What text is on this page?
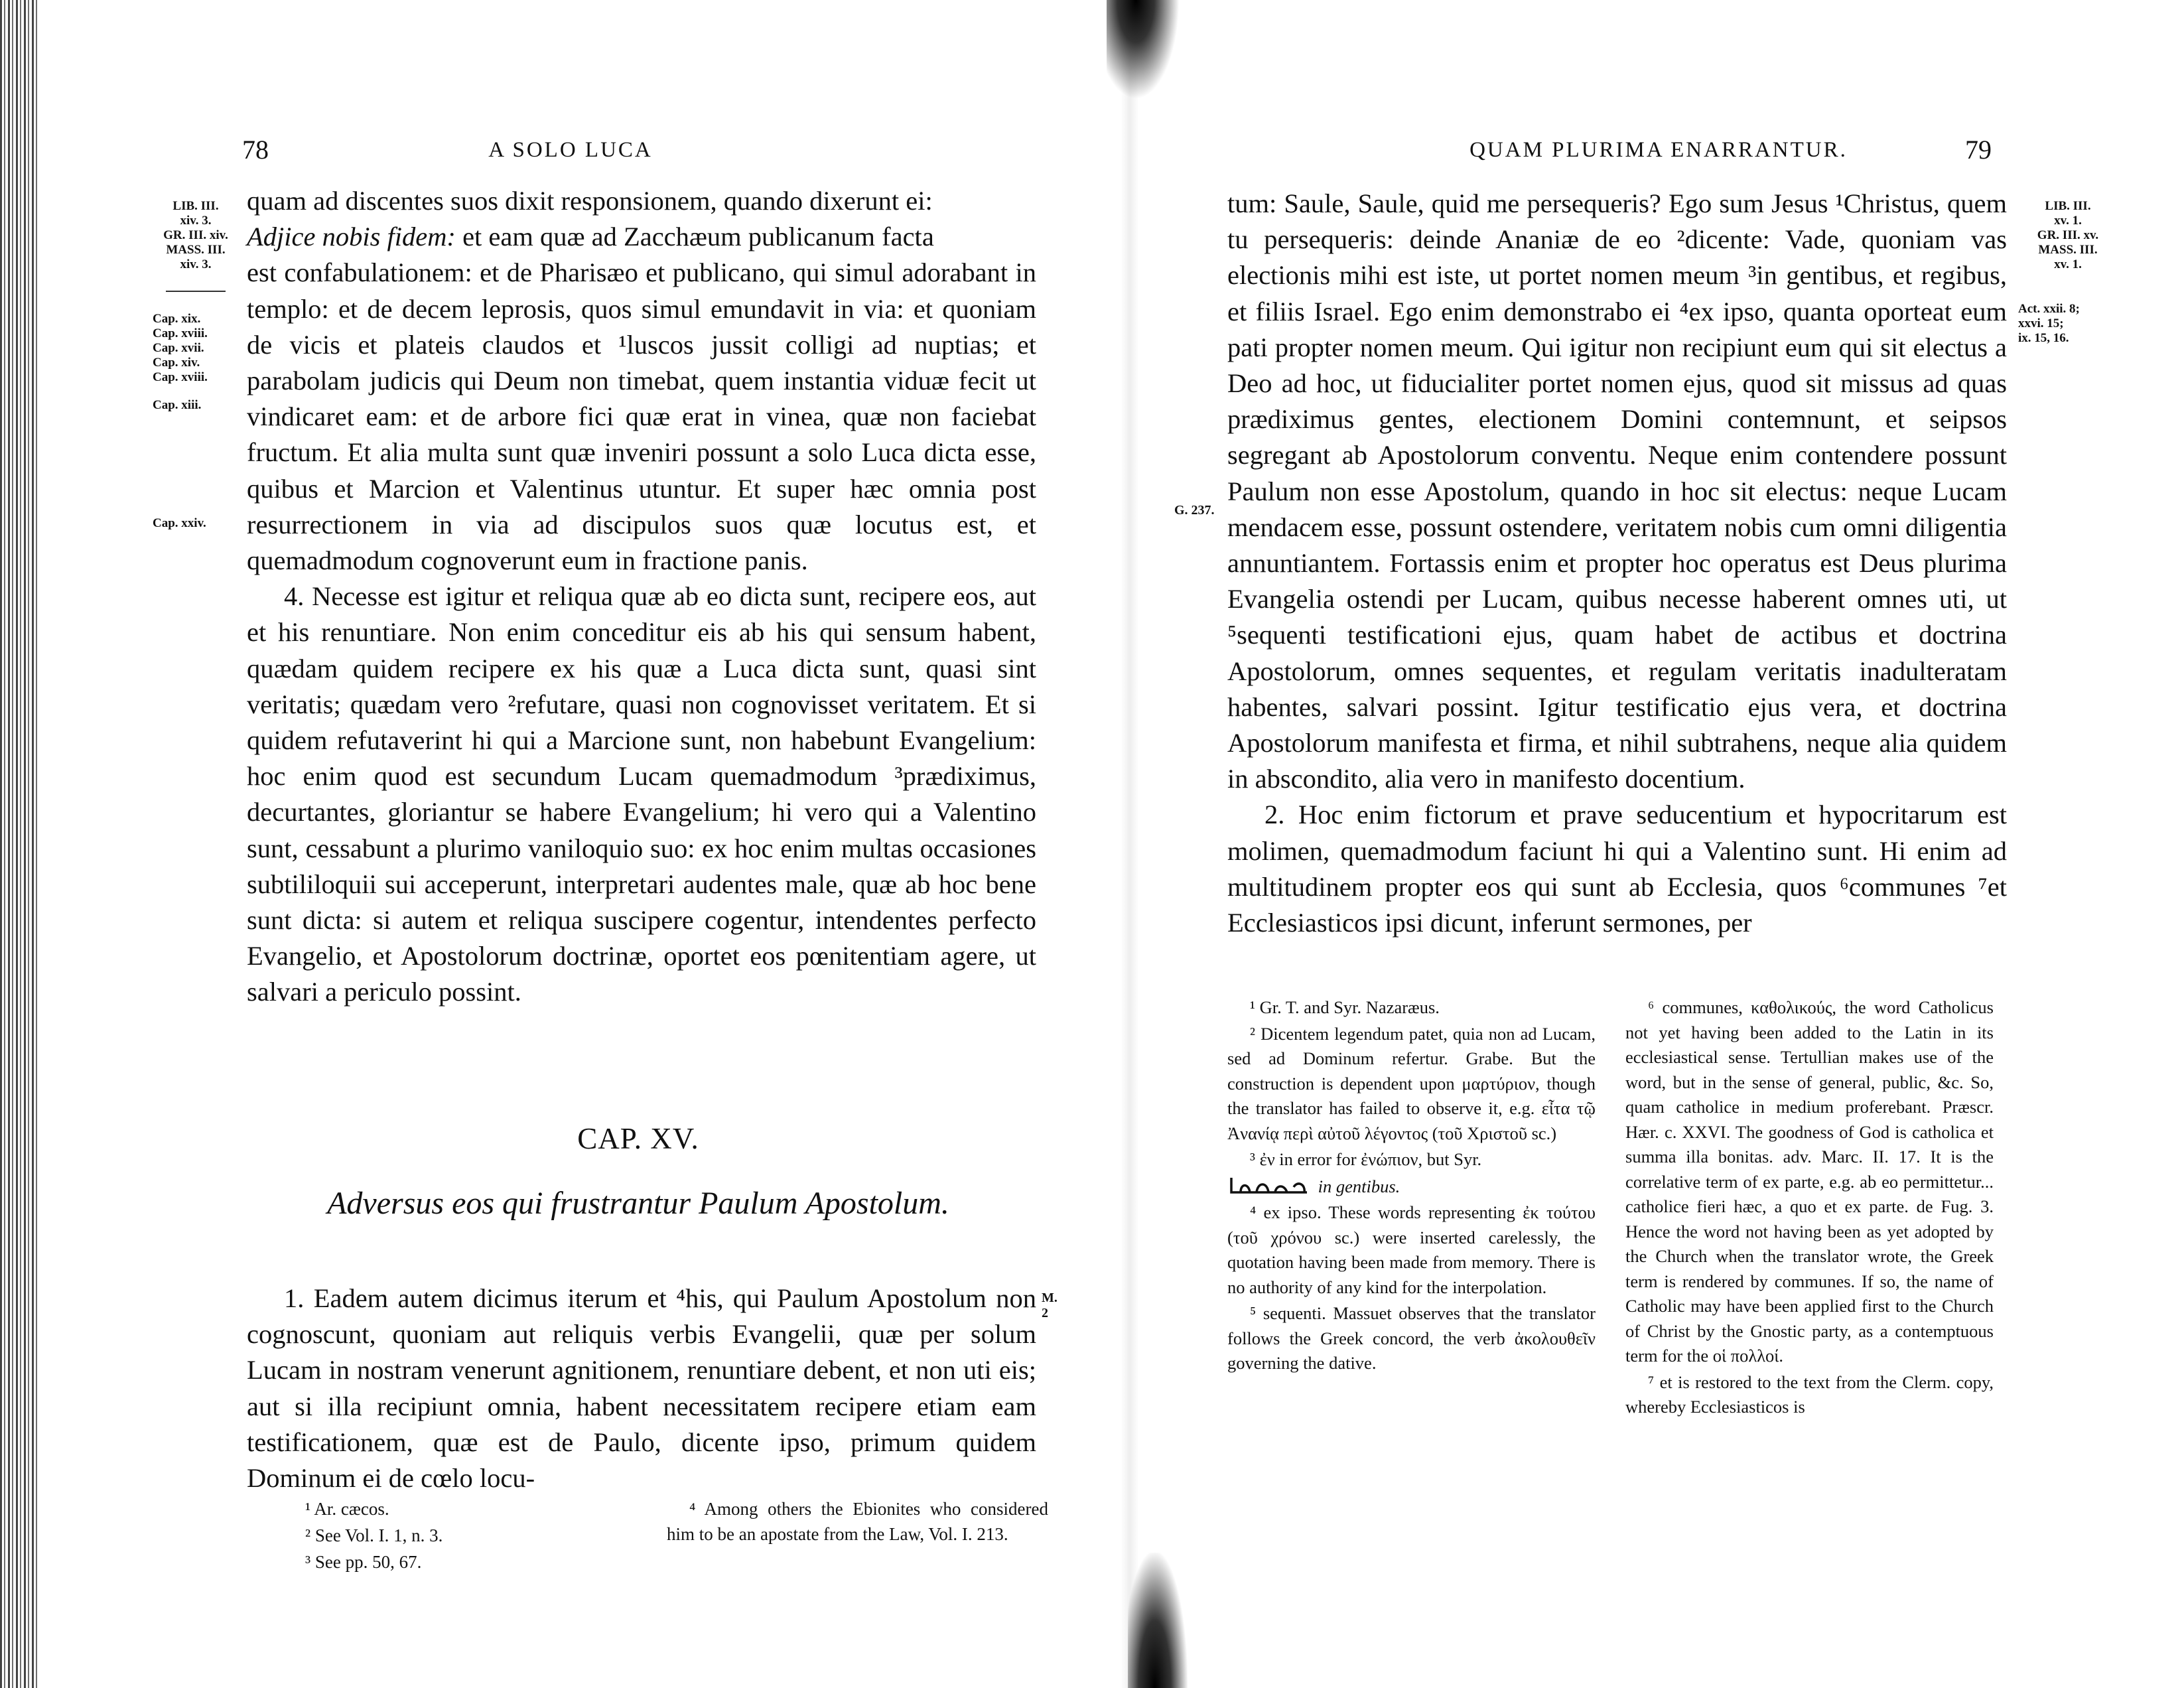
78	A SOLO LUCA
LIB. III.
xiv. 3.
GR. III. xiv.
MASS. III.
xiv. 3.
Cap. xix.
Cap. xviii.
Cap. xvii.
Cap. xiv.
Cap. xviii.
Cap. xiii.
Cap. xxiv.

quam ad discentes suos dixit responsionem, quando dixerunt ei:

Adjice nobis fidem: et eam quæ ad Zacchæum publicanum facta

est confabulationem: et de Pharisæo et publicano, qui simul adorabant in templo: et de decem leprosis, quos simul emundavit in via: et quoniam de vicis et plateis claudos et ¹luscos jussit colligi ad nuptias; et parabolam judicis qui Deum non timebat, quem instantia viduæ fecit ut vindicaret eam: et de arbore fici quæ erat in vinea, quæ non faciebat fructum. Et alia multa sunt quæ inveniri possunt a solo Luca dicta esse, quibus et Marcion et Valentinus utuntur. Et super hæc omnia post resurrectionem in via ad discipulos suos quæ locutus est, et quemadmodum cognoverunt eum in fractione panis.

4. Necesse est igitur et reliqua quæ ab eo dicta sunt, recipere eos, aut et his renuntiare. Non enim conceditur eis ab his qui sensum habent, quædam quidem recipere ex his quæ a Luca dicta sunt, quasi sint veritatis; quædam vero ²refutare, quasi non cognovisset veritatem. Et si quidem refutaverint hi qui a Marcione sunt, non habebunt Evangelium: hoc enim quod est secundum Lucam quemadmodum ³prædiximus, decurtantes, gloriantur se habere Evangelium; hi vero qui a Valentino sunt, cessabunt a plurimo vaniloquio suo: ex hoc enim multas occasiones subtililoquii sui acceperunt, interpretari audentes male, quæ ab hoc bene sunt dicta: si autem et reliqua suscipere cogentur, intendentes perfecto Evangelio, et Apostolorum doctrinæ, oportet eos pœnitentiam agere, ut salvari a periculo possint.

CAP. XV.
Adversus eos qui frustrantur Paulum Apostolum.
M. 2

1. Eadem autem dicimus iterum et ⁴his, qui Paulum Apostolum non cognoscunt, quoniam aut reliquis verbis Evangelii, quæ per solum Lucam in nostram venerunt agnitionem, renuntiare debent, et non uti eis; aut si illa recipiunt omnia, habent necessitatem recipere etiam eam testificationem, quæ est de Paulo, dicente ipso, primum quidem Dominum ei de cœlo locu-

¹ Ar. cæcos.

² See Vol. I. 1, n. 3.

³ See pp. 50, 67.

⁴ Among others the Ebionites who considered him to be an apostate from the Law, Vol. I. 213.

QUAM PLURIMA ENARRANTUR.	79
LIB. III.
xv. 1.
GR. III. xv.
MASS. III.
xv. 1.
Act. xxii. 8;
xxvi. 15;
ix. 15, 16.
G. 237.

tum: Saule, Saule, quid me persequeris? Ego sum Jesus ¹Christus, quem tu persequeris: deinde Ananiæ de eo ²dicente: Vade, quoniam vas electionis mihi est iste, ut portet nomen meum ³in gentibus, et regibus, et filiis Israel. Ego enim demonstrabo ei ⁴ex ipso, quanta oporteat eum pati propter nomen meum. Qui igitur non recipiunt eum qui sit electus a Deo ad hoc, ut fiducialiter portet nomen ejus, quod sit missus ad quas prædiximus gentes, electionem Domini contemnunt, et seipsos segregant ab Apostolorum conventu. Neque enim contendere possunt Paulum non esse Apostolum, quando in hoc sit electus: neque Lucam mendacem esse, possunt ostendere, veritatem nobis cum omni diligentia annuntiantem. Fortassis enim et propter hoc operatus est Deus plurima Evangelia ostendi per Lucam, quibus necesse haberent omnes uti, ut ⁵sequenti testificationi ejus, quam habet de actibus et doctrina Apostolorum, omnes sequentes, et regulam veritatis inadulteratam habentes, salvari possint. Igitur testificatio ejus vera, et doctrina Apostolorum manifesta et firma, et nihil subtrahens, neque alia quidem in abscondito, alia vero in manifesto docentium.

2. Hoc enim fictorum et prave seducentium et hypocritarum est molimen, quemadmodum faciunt hi qui a Valentino sunt. Hi enim ad multitudinem propter eos qui sunt ab Ecclesia, quos ⁶communes ⁷et Ecclesiasticos ipsi dicunt, inferunt sermones, per

¹ Gr. T. and Syr. Nazaræus.

² Dicentem legendum patet, quia non ad Lucam, sed ad Dominum refertur. Grabe. But the construction is dependent upon μαρτύριον, though the translator has failed to observe it, e.g. εἶτα τῷ Ἀνανίᾳ περὶ αὐτοῦ λέγοντος (τοῦ Χριστοῦ sc.)

³ ἐν in error for ἐνώπιον, but Syr.

in gentibus.

⁴ ex ipso. These words representing ἐκ τούτου (τοῦ χρόνου sc.) were inserted carelessly, the quotation having been made from memory. There is no authority of any kind for the interpolation.

⁵ sequenti. Massuet observes that the translator follows the Greek concord, the verb ἀκολουθεῖν governing the dative.

⁶ communes, καθολικούς, the word Catholicus not yet having been added to the Latin in its ecclesiastical sense. Tertullian makes use of the word, but in the sense of general, public, &c. So, quam catholice in medium proferebant. Præscr. Hær. c. XXVI. The goodness of God is catholica et summa illa bonitas. adv. Marc. II. 17. It is the correlative term of ex parte, e.g. ab eo permittetur... catholice fieri hæc, a quo et ex parte. de Fug. 3. Hence the word not having been as yet adopted by the Church when the translator wrote, the Greek term is rendered by communes. If so, the name of Catholic may have been applied first to the Church of Christ by the Gnostic party, as a contemptuous term for the οἱ πολλοί.

⁷ et is restored to the text from the Clerm. copy, whereby Ecclesiasticos is
